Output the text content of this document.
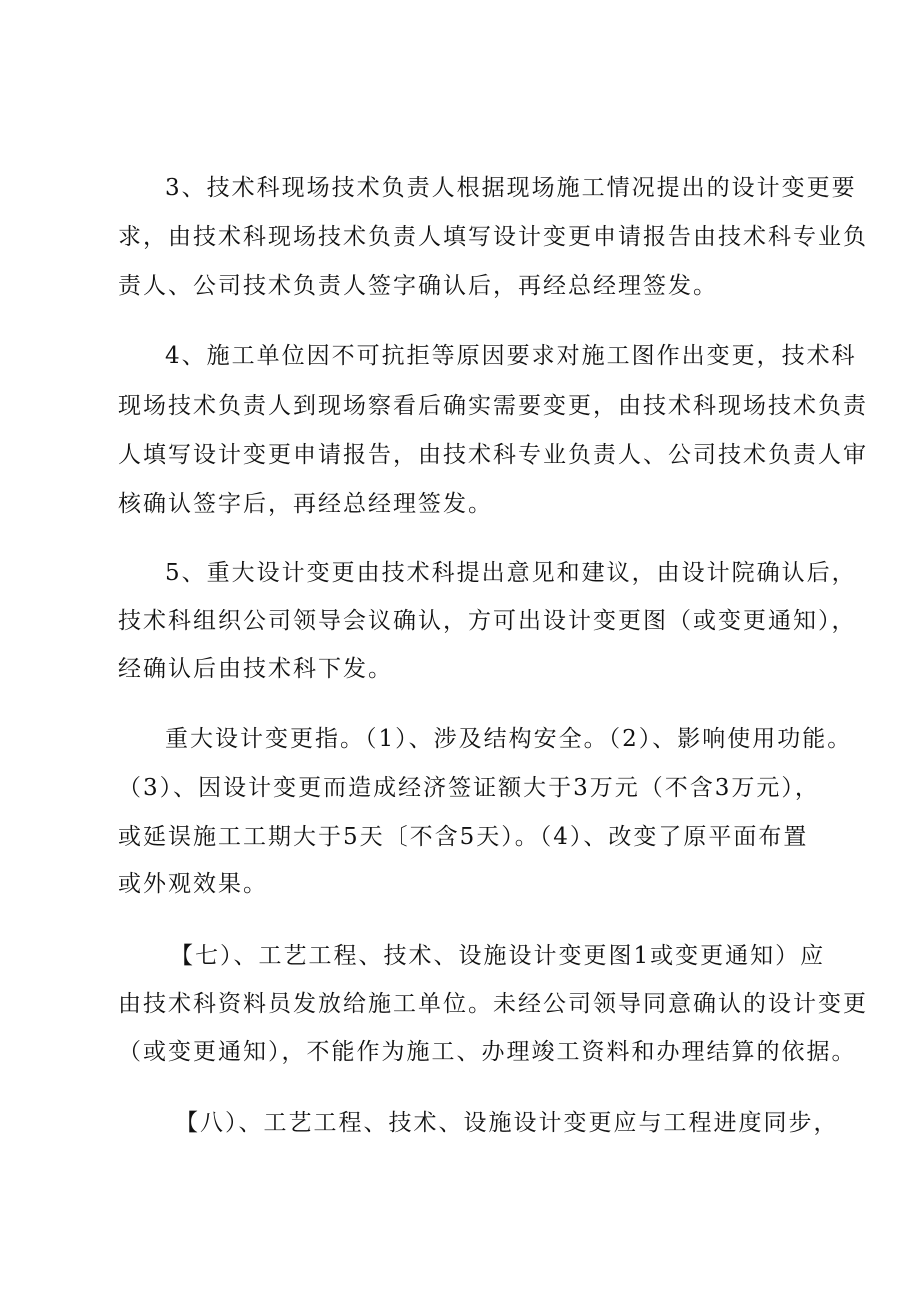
3、技术科现场技术负责人根据现场施工情况提出的设计变更要
求，由技术科现场技术负责人填写设计变更申请报告由技术科专业负
责人、公司技术负责人签字确认后，再经总经理签发。
4、施工单位因不可抗拒等原因要求对施工图作出变更，技术科
现场技术负责人到现场察看后确实需要变更，由技术科现场技术负责
人填写设计变更申请报告，由技术科专业负责人、公司技术负责人审
核确认签字后，再经总经理签发。
5、重大设计变更由技术科提出意见和建议，由设计院确认后，
技术科组织公司领导会议确认，方可出设计变更图（或变更通知），
经确认后由技术科下发。
重大设计变更指。（1）、涉及结构安全。（2）、影响使用功能。
（3）、因设计变更而造成经济签证额大于3万元（不含3万元），
或延误施工工期大于5天〔不含5天）。（4）、改变了原平面布置
或外观效果。
【七）、工艺工程、技术、设施设计变更图1或变更通知）应
由技术科资料员发放给施工单位。未经公司领导同意确认的设计变更
（或变更通知），不能作为施工、办理竣工资料和办理结算的依据。
【八）、工艺工程、技术、设施设计变更应与工程进度同步，
